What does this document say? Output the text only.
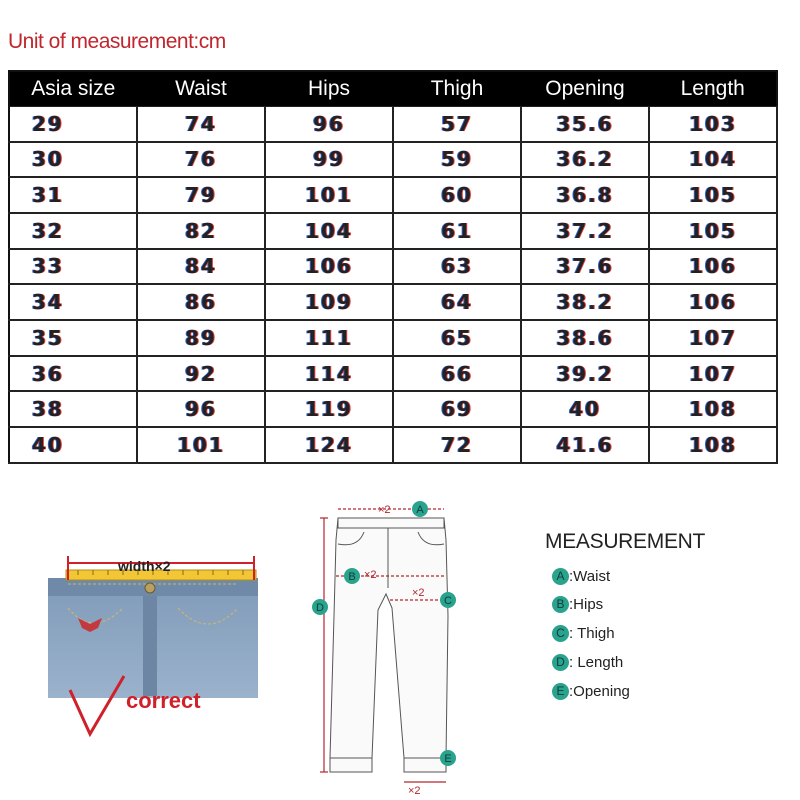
Unit of measurement:cm
Asia size	Waist	Hips	Thigh	Opening	Length
29	74	96	57	35.6	103
30	76	99	59	36.2	104
31	79	101	60	36.8	105
32	82	104	61	37.2	105
33	84	106	63	37.6	106
34	86	109	64	38.2	106
35	89	111	65	38.6	107
36	92	114	66	39.2	107
38	96	119	69	40	108
40	101	124	72	41.6	108
width×2
correct
×2
×2
×2
×2
A
B
C
D
E
MEASUREMENT
A :Waist
B :Hips
C : Thigh
D : Length
E :Opening
